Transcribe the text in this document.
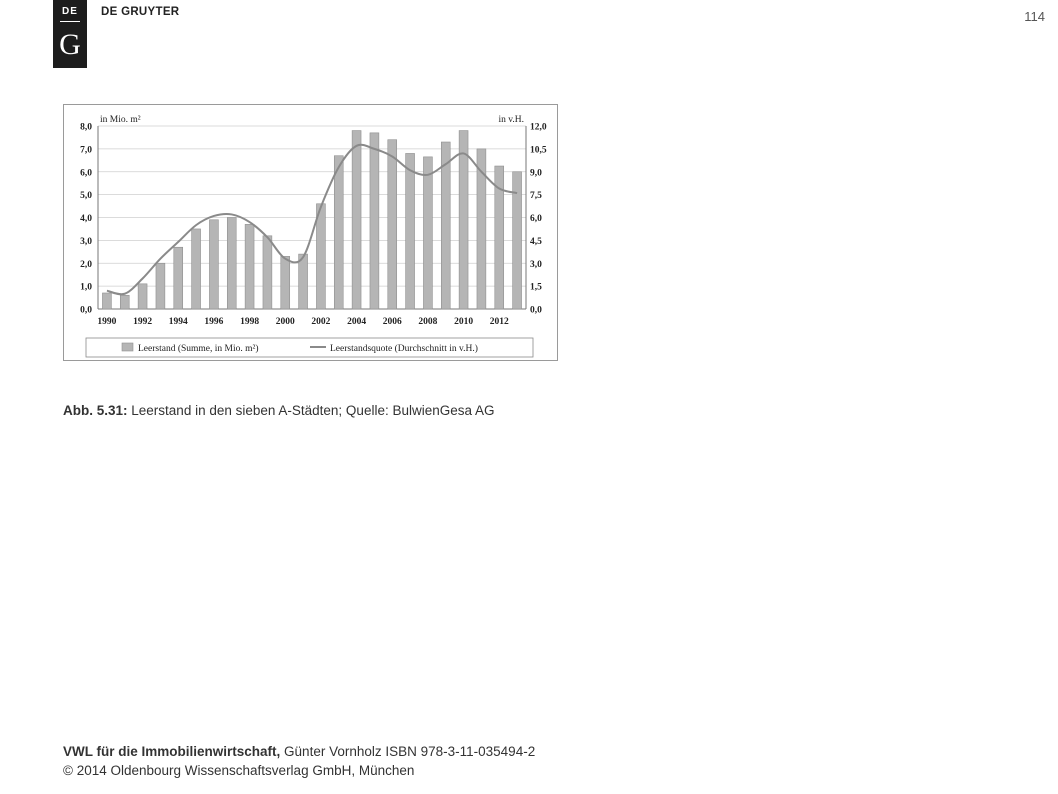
DE
G
DE GRUYTER	114
0,0
1,0
2,0
3,0
4,0
5,0
6,0
7,0
8,0
0,0
1,5
3,0
4,5
6,0
7,5
9,0
10,5
12,0
in Mio. m²	in v.H.
1990 1992 1994 1996 1998 2000 2002 2004 2006 2008 2010 2012
Leerstand (Summe, in Mio. m²)	Leerstandsquote (Durchschnitt in v.H.)
Abb. 5.31: Leerstand in den sieben A-Städten; Quelle: BulwienGesa AG
VWL für die Immobilienwirtschaft, Günter Vornholz ISBN 978-3-11-035494-2
© 2014 Oldenbourg Wissenschaftsverlag GmbH, München
